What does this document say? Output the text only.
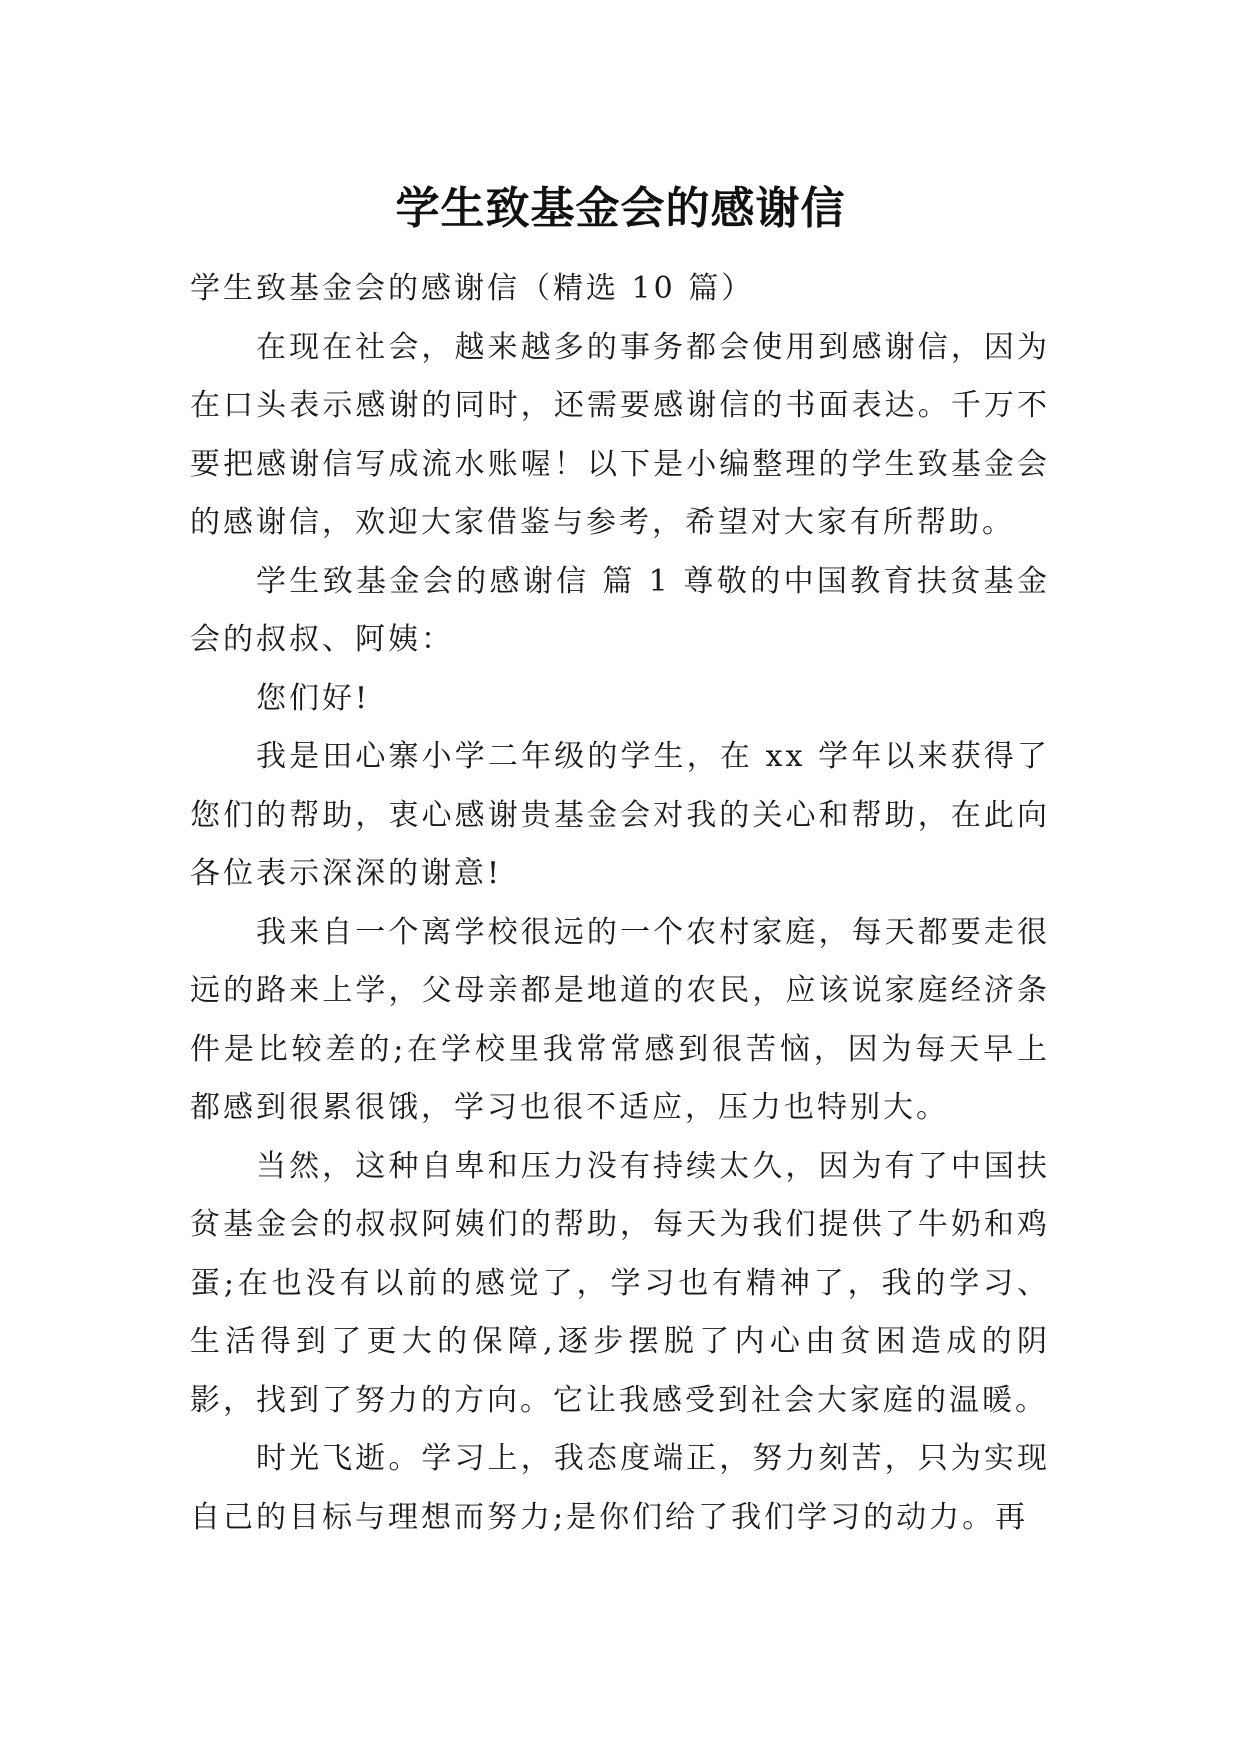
学生致基金会的感谢信

学生致基金会的感谢信（精选 10 篇）

在现在社会，越来越多的事务都会使用到感谢信，因为在口头表示感谢的同时，还需要感谢信的书面表达。千万不要把感谢信写成流水账喔！以下是小编整理的学生致基金会的感谢信，欢迎大家借鉴与参考，希望对大家有所帮助。

学生致基金会的感谢信 篇 1 尊敬的中国教育扶贫基金会的叔叔、阿姨：

您们好!

我是田心寨小学二年级的学生，在 xx 学年以来获得了您们的帮助，衷心感谢贵基金会对我的关心和帮助，在此向各位表示深深的谢意!

我来自一个离学校很远的一个农村家庭，每天都要走很远的路来上学，父母亲都是地道的农民，应该说家庭经济条件是比较差的;在学校里我常常感到很苦恼，因为每天早上都感到很累很饿，学习也很不适应，压力也特别大。

当然，这种自卑和压力没有持续太久，因为有了中国扶贫基金会的叔叔阿姨们的帮助，每天为我们提供了牛奶和鸡蛋;在也没有以前的感觉了，学习也有精神了，我的学习、生活得到了更大的保障,逐步摆脱了内心由贫困造成的阴影，找到了努力的方向。它让我感受到社会大家庭的温暖。

时光飞逝。学习上，我态度端正，努力刻苦，只为实现自己的目标与理想而努力;是你们给了我们学习的动力。再
